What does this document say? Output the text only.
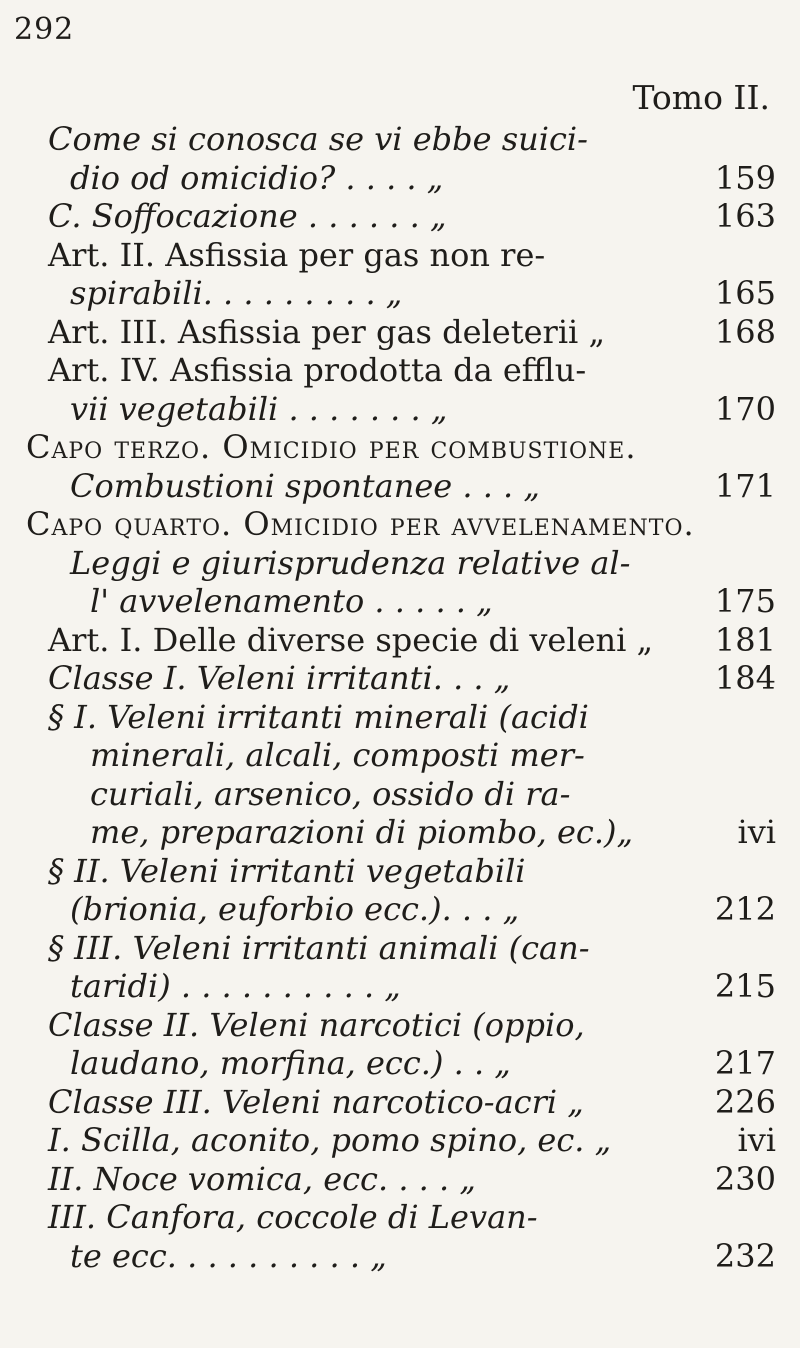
292
Tomo II.
Come si conosca se vi ebbe suici-
dio od omicidio? . . . . „	159
C. Soffocazione . . . . . . „	163
Art. II. Asfissia per gas non re-
spirabili. . . . . . . . . „	165
Art. III. Asfissia per gas deleterii „	168
Art. IV. Asfissia prodotta da efflu-
vii vegetabili . . . . . . . „	170
Capo terzo. Omicidio per combustione.
Combustioni spontanee . . . „	171
Capo quarto. Omicidio per avvelenamento.
Leggi e giurisprudenza relative al-
l' avvelenamento . . . . . „	175
Art. I. Delle diverse specie di veleni „ 181
Classe I. Veleni irritanti. . . „	184
§ I. Veleni irritanti minerali (acidi
minerali, alcali, composti mer-
curiali, arsenico, ossido di ra-
me, preparazioni di piombo, ec.)„	ivi
§ II. Veleni irritanti vegetabili
(brionia, euforbio ecc.). . . „	212
§ III. Veleni irritanti animali (can-
taridi) . . . . . . . . . . „	215
Classe II. Veleni narcotici (oppio,
laudano, morfina, ecc.) . . „	217
Classe III. Veleni narcotico-acri „	226
I. Scilla, aconito, pomo spino, ec. „	ivi
II. Noce vomica, ecc. . . . „	230
III. Canfora, coccole di Levan-
te ecc. . . . . . . . . . „	232
